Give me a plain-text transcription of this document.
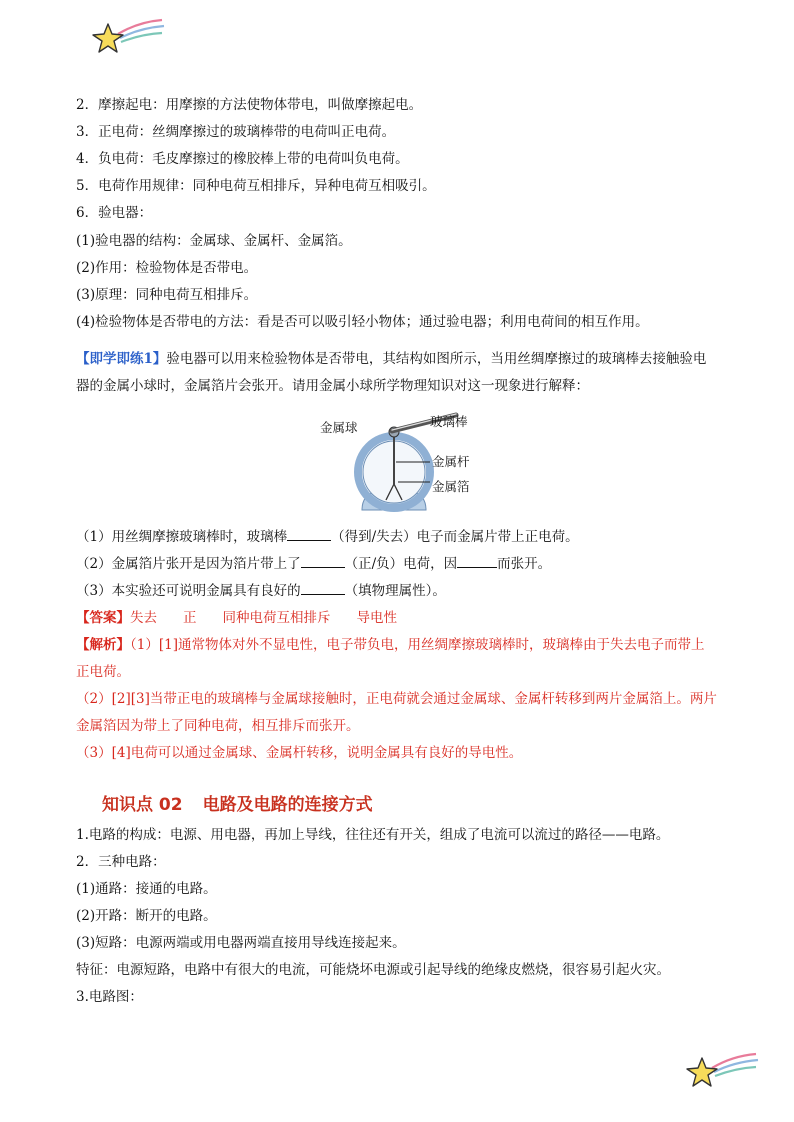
2．摩擦起电：用摩擦的方法使物体带电，叫做摩擦起电。
3．正电荷：丝绸摩擦过的玻璃棒带的电荷叫正电荷。
4．负电荷：毛皮摩擦过的橡胶棒上带的电荷叫负电荷。
5．电荷作用规律：同种电荷互相排斥，异种电荷互相吸引。
6．验电器：
(1)验电器的结构：金属球、金属杆、金属箔。
(2)作用：检验物体是否带电。
(3)原理：同种电荷互相排斥。
(4)检验物体是否带电的方法：看是否可以吸引轻小物体；通过验电器；利用电荷间的相互作用。
【即学即练1】验电器可以用来检验物体是否带电，其结构如图所示，当用丝绸摩擦过的玻璃棒去接触验电
器的金属小球时，金属箔片会张开。请用金属小球所学物理知识对这一现象进行解释：
金属球	玻璃棒
金属杆
金属箔
（1）用丝绸摩擦玻璃棒时，玻璃棒	（得到/失去）电子而金属片带上正电荷。
（2）金属箔片张开是因为箔片带上了	（正/负）电荷，因	而张开。
（3）本实验还可说明金属具有良好的	（填物理属性）。
【答案】失去 正 同种电荷互相排斥 导电性
【解析】（1）[1]通常物体对外不显电性，电子带负电，用丝绸摩擦玻璃棒时，玻璃棒由于失去电子而带上
正电荷。
（2）[2][3]当带正电的玻璃棒与金属球接触时，正电荷就会通过金属球、金属杆转移到两片金属箔上。两片
金属箔因为带上了同种电荷，相互排斥而张开。
（3）[4]电荷可以通过金属球、金属杆转移，说明金属具有良好的导电性。
知识点 02 电路及电路的连接方式
1.电路的构成：电源、用电器，再加上导线，往往还有开关，组成了电流可以流过的路径——电路。
2．三种电路：
(1)通路：接通的电路。
(2)开路：断开的电路。
(3)短路：电源两端或用电器两端直接用导线连接起来。
特征：电源短路，电路中有很大的电流，可能烧坏电源或引起导线的绝缘皮燃烧，很容易引起火灾。
3.电路图：
